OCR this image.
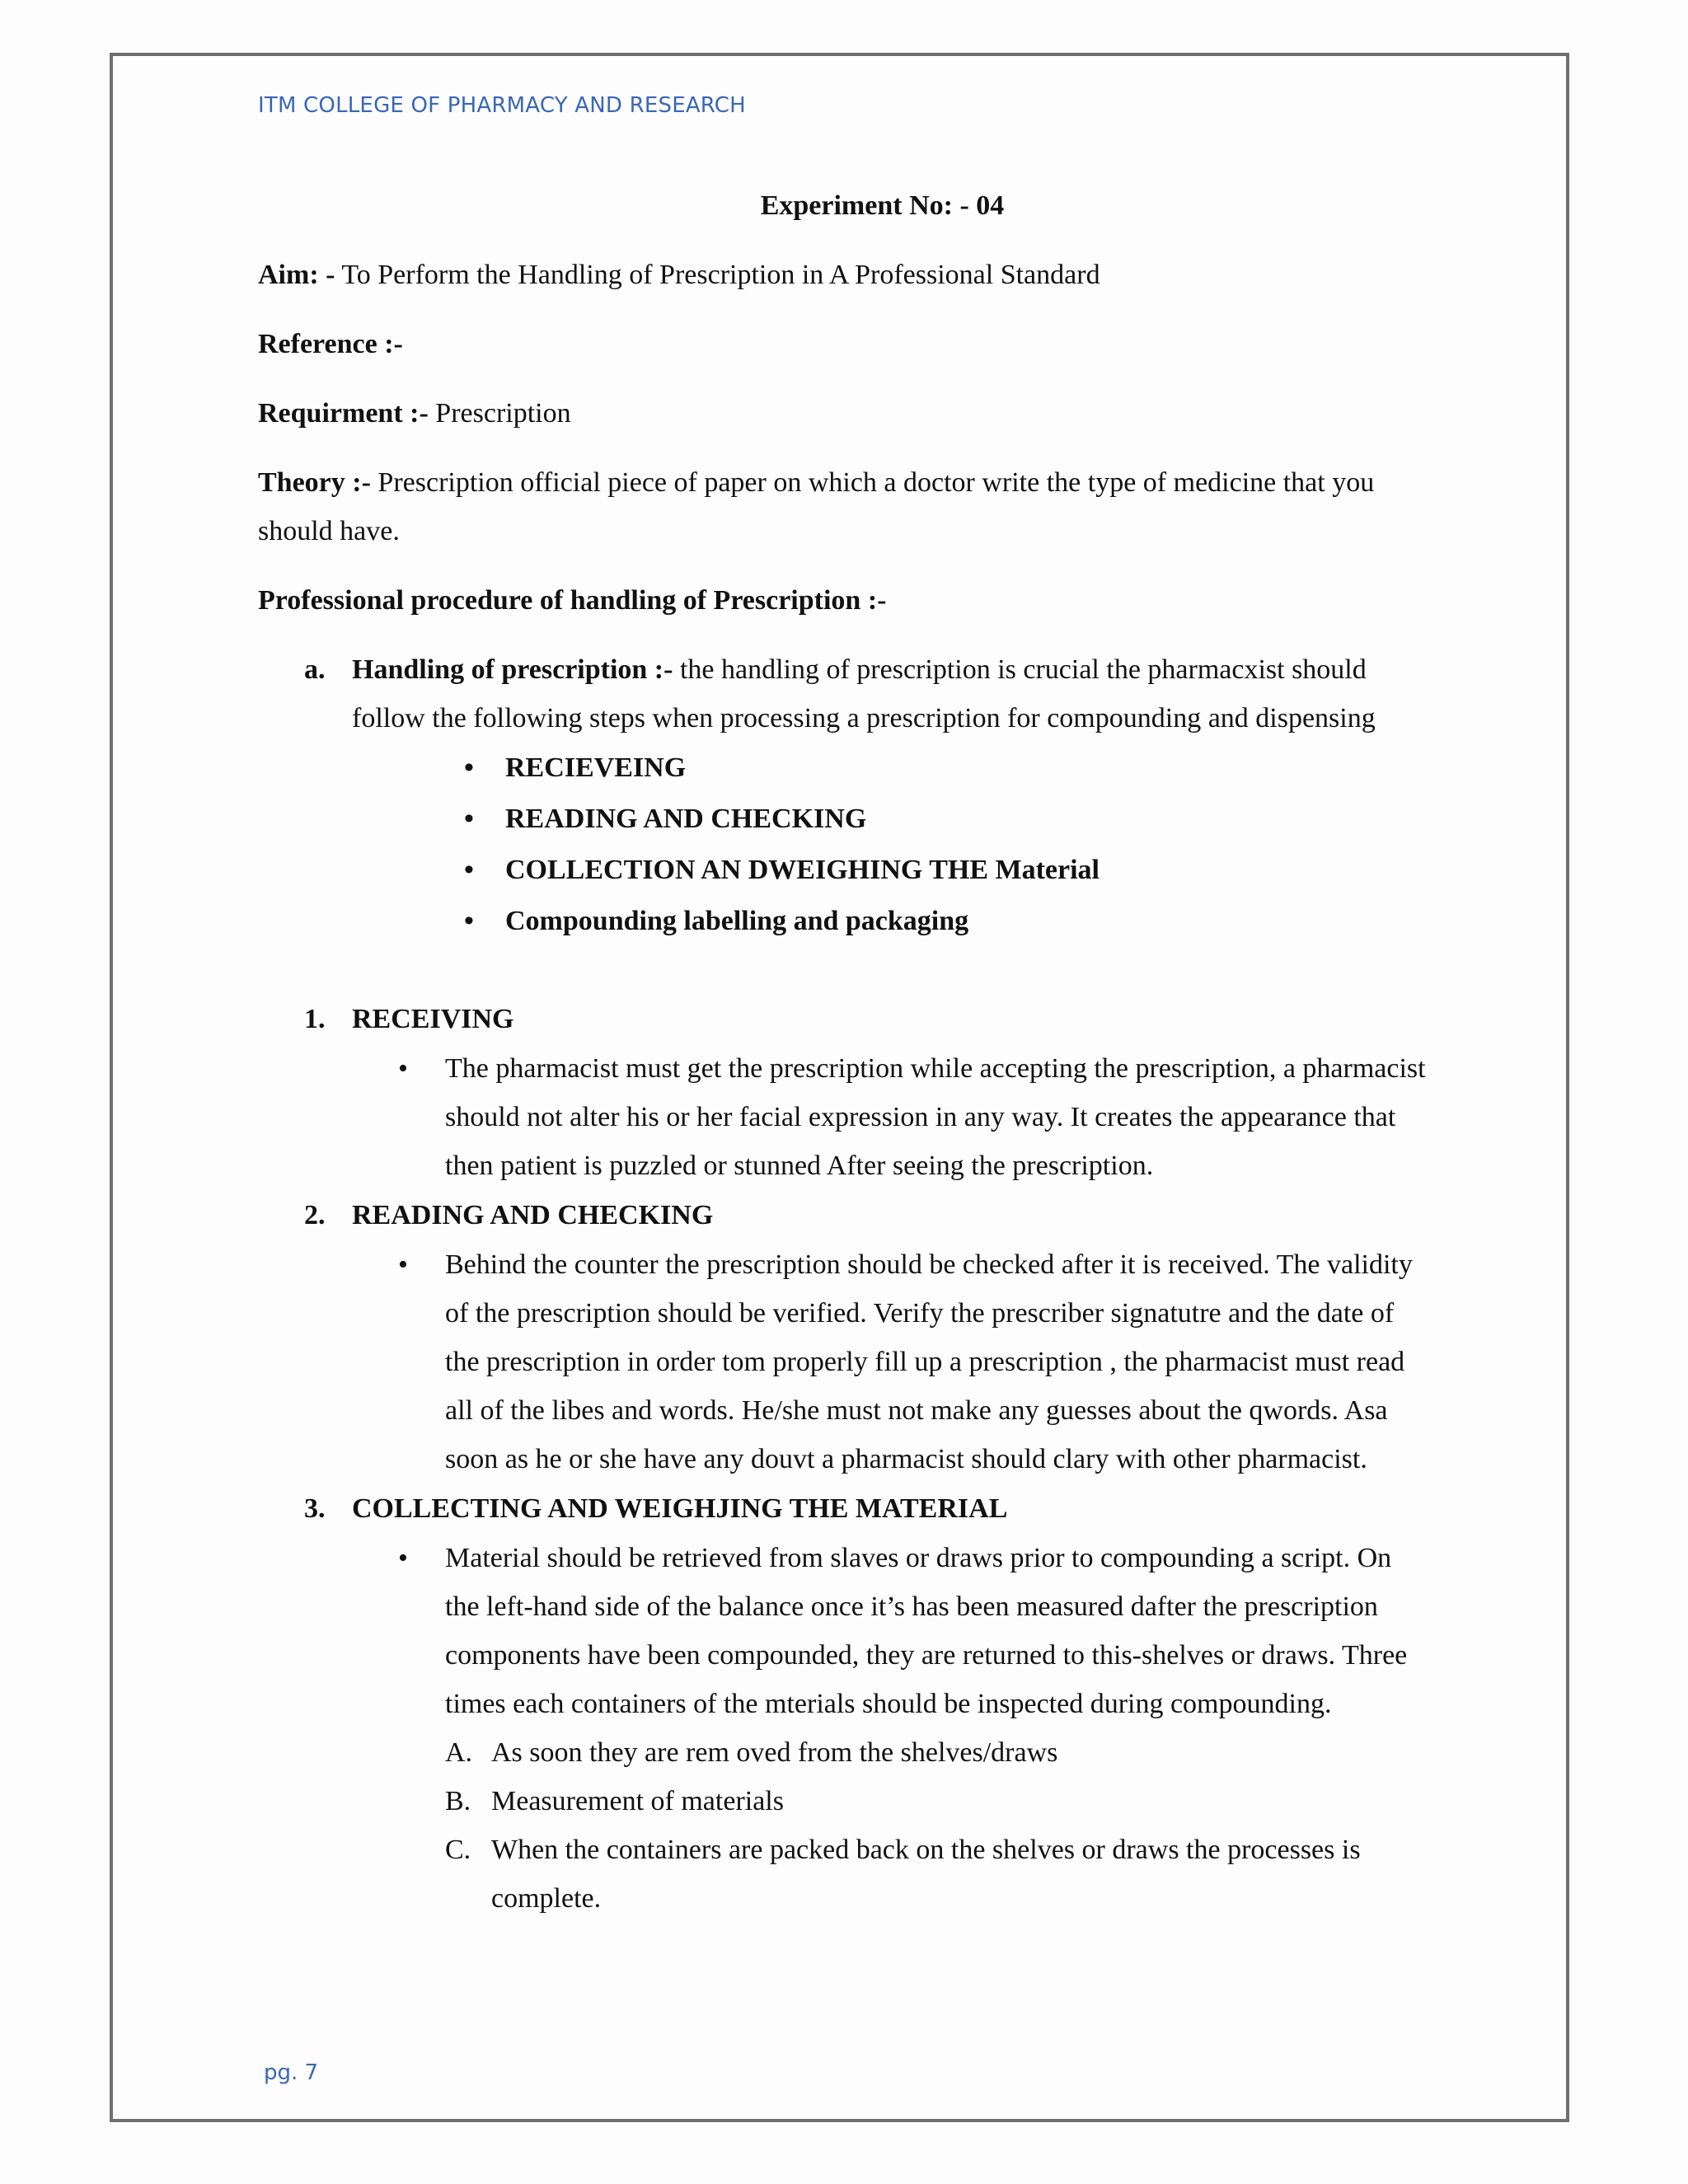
ITM COLLEGE OF PHARMACY AND RESEARCH

Experiment No: - 04

Aim: - To Perform the Handling of Prescription in A Professional Standard

Reference :-

Requirment :- Prescription

Theory :- Prescription official piece of paper on which a doctor write the type of medicine that you should have.

Professional procedure of handling of Prescription :-

a. Handling of prescription :- the handling of prescription is crucial the pharmacxist should follow the following steps when processing a prescription for compounding and dispensing

• RECIEVEING
• READING AND CHECKING
• COLLECTION AN DWEIGHING THE Material
• Compounding labelling and packaging

1. RECEIVING

• The pharmacist must get the prescription while accepting the prescription, a pharmacist should not alter his or her facial expression in any way. It creates the appearance that then patient is puzzled or stunned After seeing the prescription.

2. READING AND CHECKING

• Behind the counter the prescription should be checked after it is received. The validity of the prescription should be verified. Verify the prescriber signatutre and the date of the prescription in order tom properly fill up a prescription , the pharmacist must read all of the libes and words. He/she must not make any guesses about the qwords. Asa soon as he or she have any douvt a pharmacist should clary with other pharmacist.

3. COLLECTING AND WEIGHJING THE MATERIAL

• Material should be retrieved from slaves or draws prior to compounding a script. On the left-hand side of the balance once it’s has been measured dafter the prescription components have been compounded, they are returned to this-shelves or draws. Three times each containers of the mterials should be inspected during compounding.

A. As soon they are rem oved from the shelves/draws

B. Measurement of materials

C. When the containers are packed back on the shelves or draws the processes is complete.

pg. 7
